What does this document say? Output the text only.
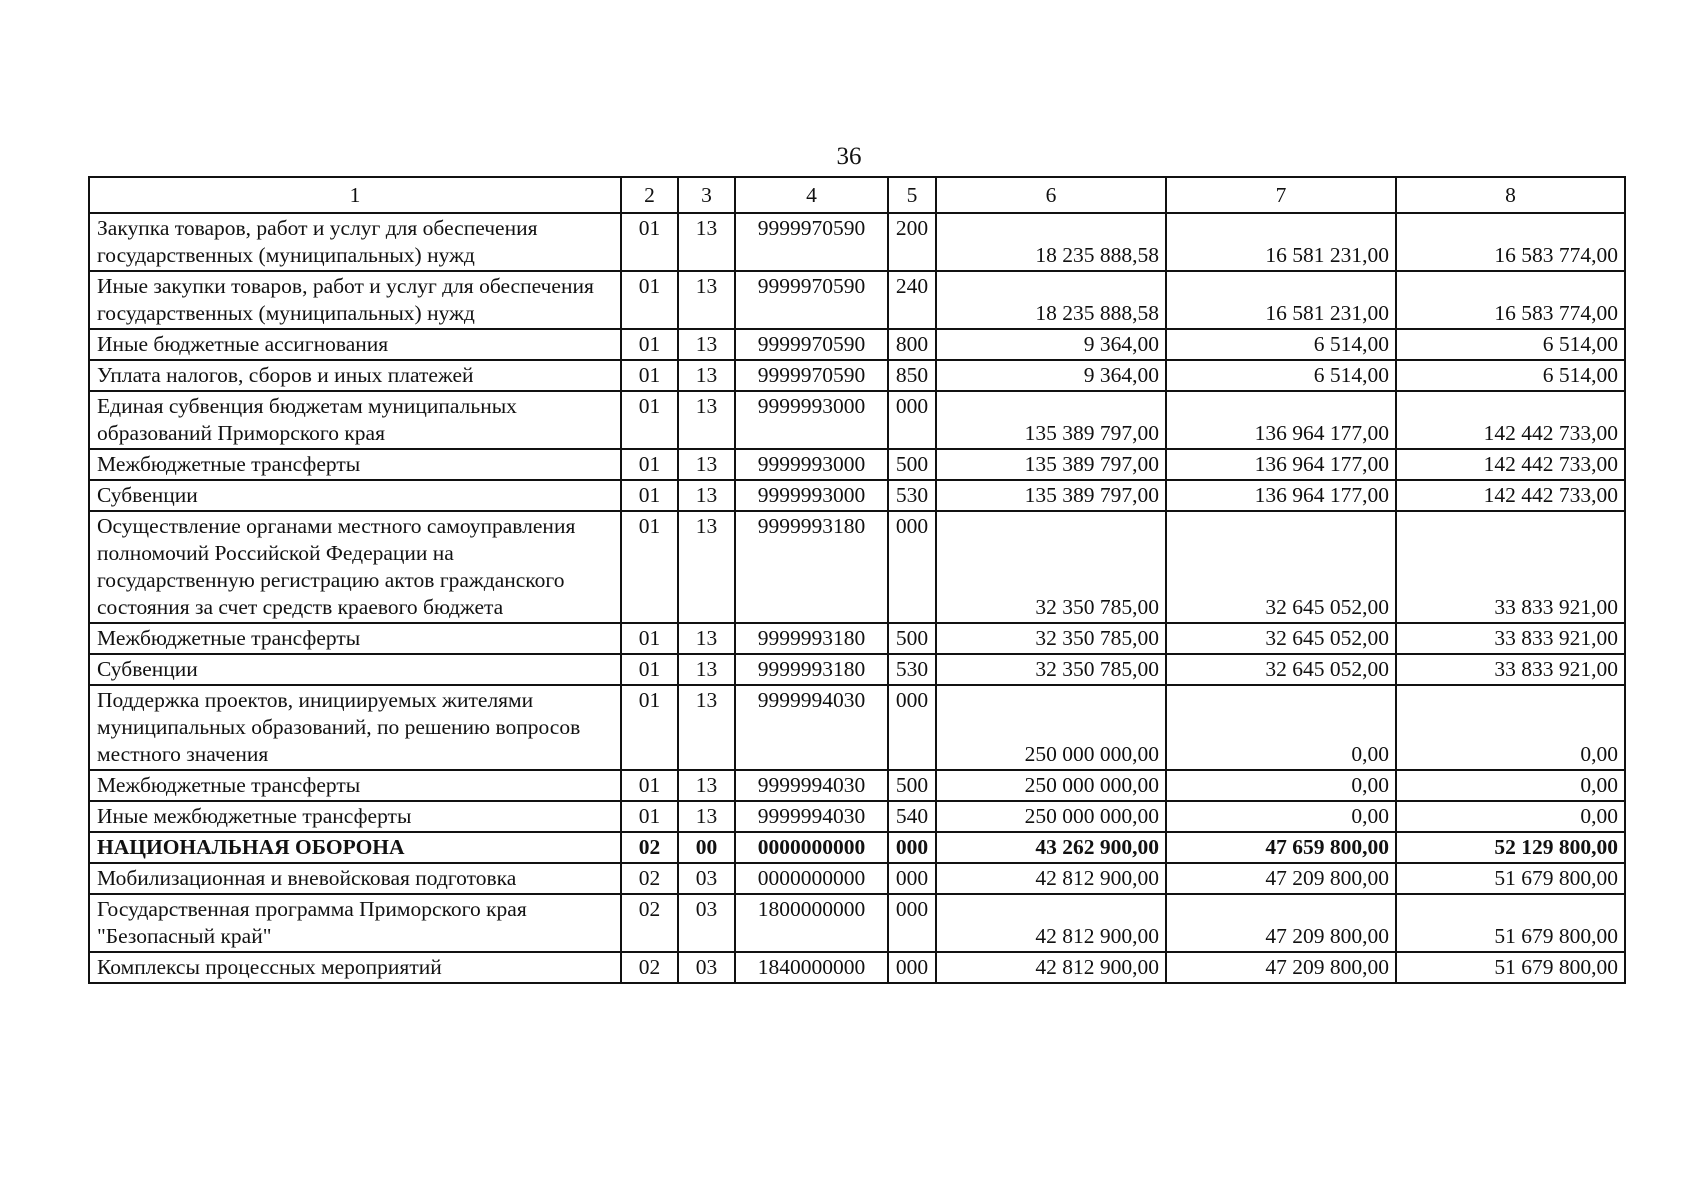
36
1	2	3	4	5	6	7	8
Закупка товаров, работ и услуг для обеспечения государственных (муниципальных) нужд	01	13	9999970590	200	18 235 888,58	16 581 231,00	16 583 774,00
Иные закупки товаров, работ и услуг для обеспечения государственных (муниципальных) нужд	01	13	9999970590	240	18 235 888,58	16 581 231,00	16 583 774,00
Иные бюджетные ассигнования	01	13	9999970590	800	9 364,00	6 514,00	6 514,00
Уплата налогов, сборов и иных платежей	01	13	9999970590	850	9 364,00	6 514,00	6 514,00
Единая субвенция бюджетам муниципальных образований Приморского края	01	13	9999993000	000	135 389 797,00	136 964 177,00	142 442 733,00
Межбюджетные трансферты	01	13	9999993000	500	135 389 797,00	136 964 177,00	142 442 733,00
Субвенции	01	13	9999993000	530	135 389 797,00	136 964 177,00	142 442 733,00
Осуществление органами местного самоуправления полномочий Российской Федерации на государственную регистрацию актов гражданского состояния за счет средств краевого бюджета	01	13	9999993180	000	32 350 785,00	32 645 052,00	33 833 921,00
Межбюджетные трансферты	01	13	9999993180	500	32 350 785,00	32 645 052,00	33 833 921,00
Субвенции	01	13	9999993180	530	32 350 785,00	32 645 052,00	33 833 921,00
Поддержка проектов, инициируемых жителями муниципальных образований, по решению вопросов местного значения	01	13	9999994030	000	250 000 000,00	0,00	0,00
Межбюджетные трансферты	01	13	9999994030	500	250 000 000,00	0,00	0,00
Иные межбюджетные трансферты	01	13	9999994030	540	250 000 000,00	0,00	0,00
НАЦИОНАЛЬНАЯ ОБОРОНА	02	00	0000000000	000	43 262 900,00	47 659 800,00	52 129 800,00
Мобилизационная и вневойсковая подготовка	02	03	0000000000	000	42 812 900,00	47 209 800,00	51 679 800,00
Государственная программа Приморского края "Безопасный край"	02	03	1800000000	000	42 812 900,00	47 209 800,00	51 679 800,00
Комплексы процессных мероприятий	02	03	1840000000	000	42 812 900,00	47 209 800,00	51 679 800,00
